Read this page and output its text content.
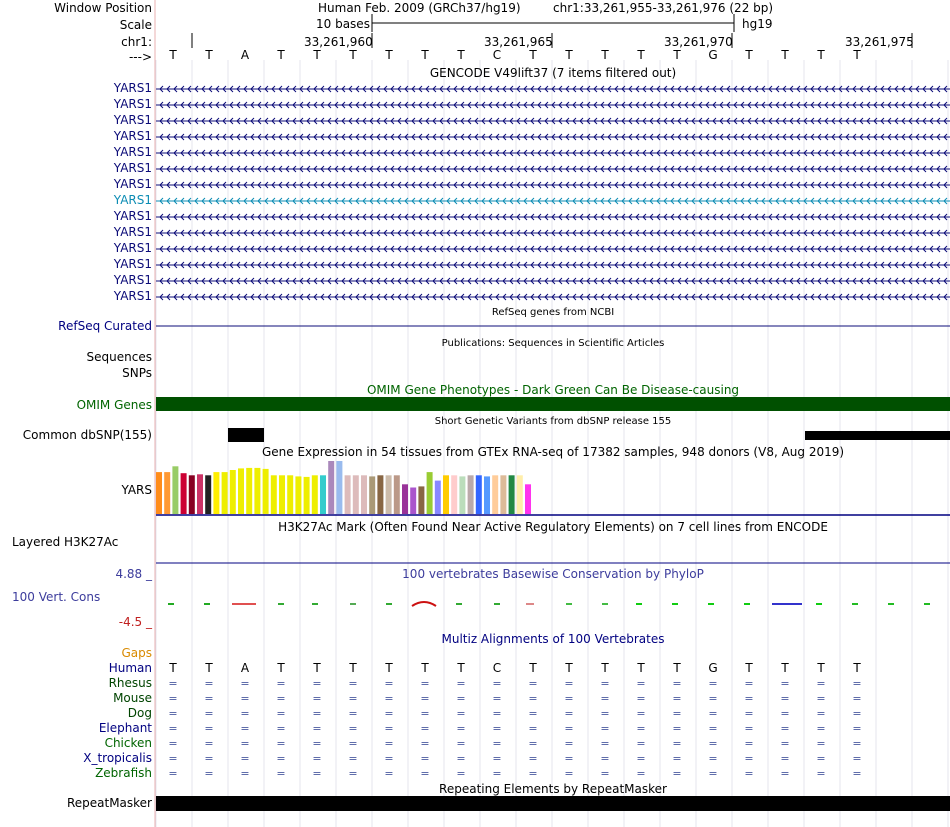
Window Position
Scale
chr1:
--->
Human Feb. 2009 (GRCh37/hg19)	chr1:33,261,955-33,261,976 (22 bp)
10 bases	hg19
33,261,960	33,261,965	33,261,970	33,261,975
T	T	A	T	T	T	T	T	T	C	T	T	T	T	T	G	T	T	T	T
GENCODE V49lift37 (7 items filtered out)
YARS1
YARS1
YARS1
YARS1
YARS1
YARS1
YARS1
YARS1
YARS1
YARS1
YARS1
YARS1
YARS1
YARS1
RefSeq genes from NCBI
RefSeq Curated
Publications: Sequences in Scientific Articles
Sequences
SNPs
OMIM Gene Phenotypes - Dark Green Can Be Disease-causing
OMIM Genes
Short Genetic Variants from dbSNP release 155
Common dbSNP(155)
Gene Expression in 54 tissues from GTEx RNA-seq of 17382 samples, 948 donors (V8, Aug 2019)
YARS
H3K27Ac Mark (Often Found Near Active Regulatory Elements) on 7 cell lines from ENCODE
Layered H3K27Ac
100 vertebrates Basewise Conservation by PhyloP
4.88 _
100 Vert. Cons
-4.5 _
Multiz Alignments of 100 Vertebrates
Gaps
Human	T	T	A	T	T	T	T	T	T	C	T	T	T	T	T	G	T	T	T	T
Rhesus	=	=	=	=	=	=	=	=	=	=	=	=	=	=	=	=	=	=	=	=
Mouse	=	=	=	=	=	=	=	=	=	=	=	=	=	=	=	=	=	=	=	=
Dog	=	=	=	=	=	=	=	=	=	=	=	=	=	=	=	=	=	=	=	=
Elephant	=	=	=	=	=	=	=	=	=	=	=	=	=	=	=	=	=	=	=	=
Chicken	=	=	=	=	=	=	=	=	=	=	=	=	=	=	=	=	=	=	=	=
X_tropicalis	=	=	=	=	=	=	=	=	=	=	=	=	=	=	=	=	=	=	=	=
Zebrafish	=	=	=	=	=	=	=	=	=	=	=	=	=	=	=	=	=	=	=	=
Repeating Elements by RepeatMasker
RepeatMasker
